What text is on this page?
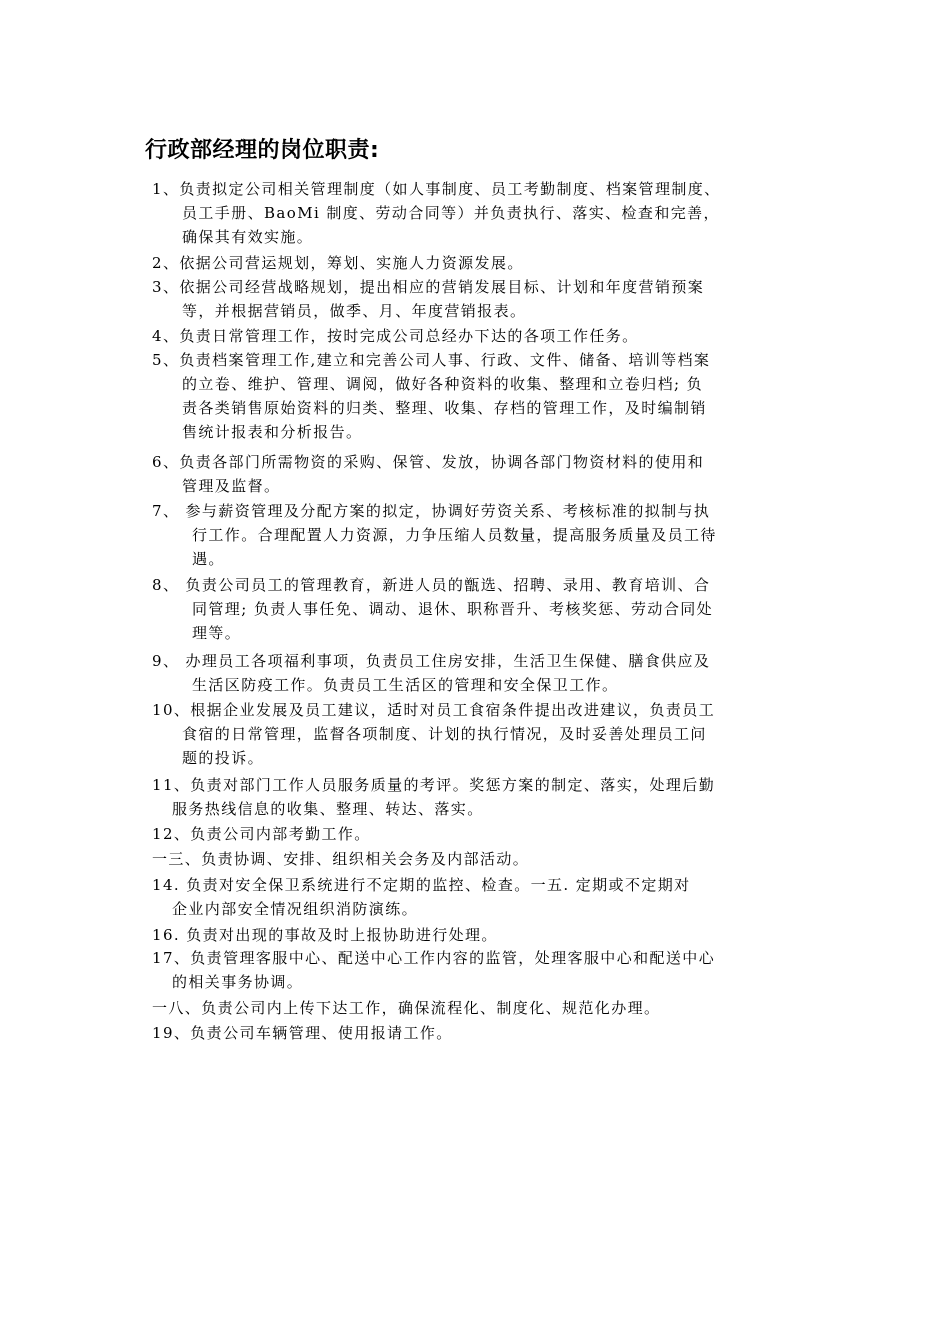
行政部经理的岗位职责:
1、负责拟定公司相关管理制度（如人事制度、员工考勤制度、档案管理制度、
员工手册、BaoMi 制度、劳动合同等）并负责执行、落实、检查和完善，
确保其有效实施。
2、依据公司营运规划，筹划、实施人力资源发展。
3、依据公司经营战略规划，提出相应的营销发展目标、计划和年度营销预案
等，并根据营销员，做季、月、年度营销报表。
4、负责日常管理工作，按时完成公司总经办下达的各项工作任务。
5、负责档案管理工作,建立和完善公司人事、行政、文件、储备、培训等档案
的立卷、维护、管理、调阅，做好各种资料的收集、整理和立卷归档; 负
责各类销售原始资料的归类、整理、收集、存档的管理工作，及时编制销
售统计报表和分析报告。
6、负责各部门所需物资的采购、保管、发放，协调各部门物资材料的使用和
管理及监督。
7、 参与薪资管理及分配方案的拟定，协调好劳资关系、考核标准的拟制与执
行工作。合理配置人力资源，力争压缩人员数量，提高服务质量及员工待
遇。
8、 负责公司员工的管理教育，新进人员的甑选、招聘、录用、教育培训、合
同管理; 负责人事任免、调动、退休、职称晋升、考核奖惩、劳动合同处
理等。
9、 办理员工各项福利事项，负责员工住房安排，生活卫生保健、膳食供应及
生活区防疫工作。负责员工生活区的管理和安全保卫工作。
10、根据企业发展及员工建议，适时对员工食宿条件提出改进建议，负责员工
食宿的日常管理，监督各项制度、计划的执行情况，及时妥善处理员工问
题的投诉。
11、负责对部门工作人员服务质量的考评。奖惩方案的制定、落实，处理后勤
服务热线信息的收集、整理、转达、落实。
12、负责公司内部考勤工作。
一三、负责协调、安排、组织相关会务及内部活动。
14. 负责对安全保卫系统进行不定期的监控、检查。一五. 定期或不定期对
企业内部安全情况组织消防演练。
16. 负责对出现的事故及时上报协助进行处理。
17、负责管理客服中心、配送中心工作内容的监管，处理客服中心和配送中心
的相关事务协调。
一八、负责公司内上传下达工作，确保流程化、制度化、规范化办理。
19、负责公司车辆管理、使用报请工作。
